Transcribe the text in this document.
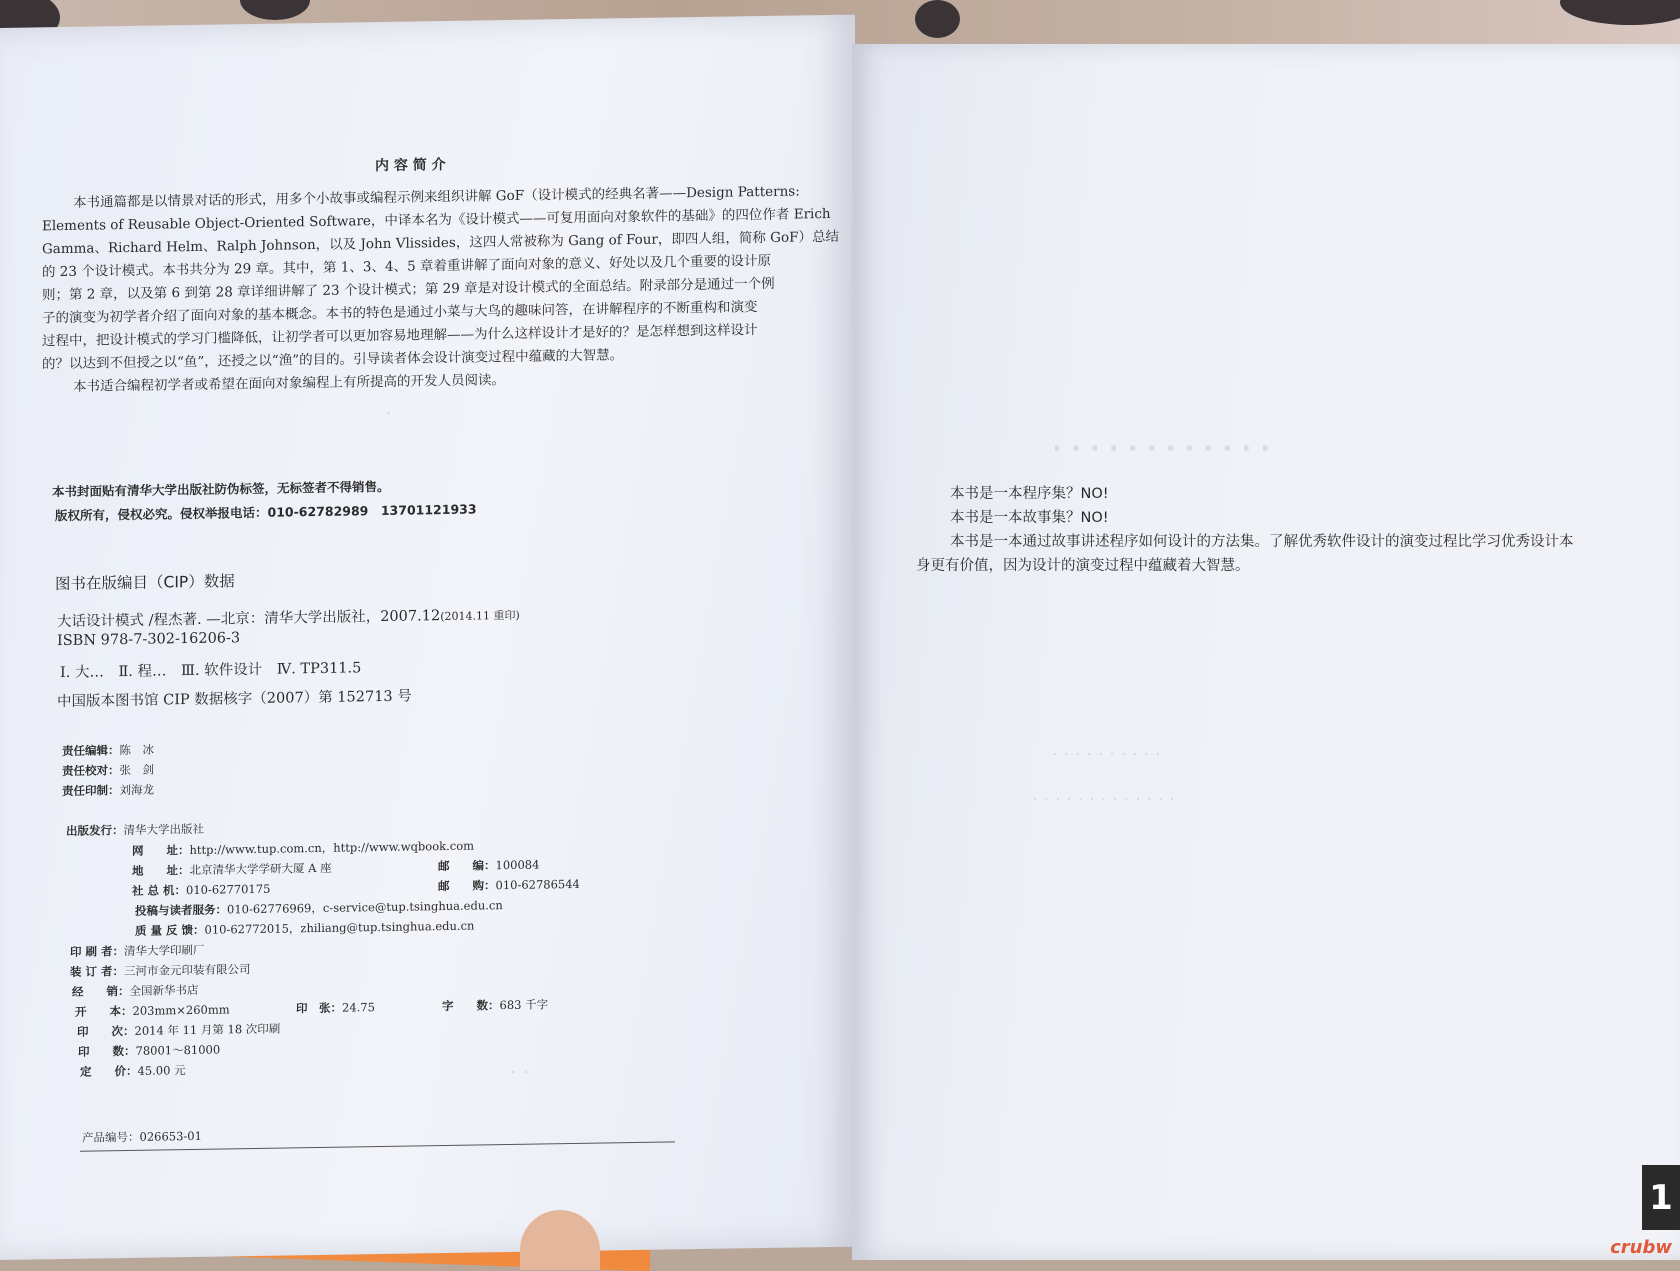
内 容 简 介
本书通篇都是以情景对话的形式，用多个小故事或编程示例来组织讲解 GoF（设计模式的经典名著——Design Patterns:
Elements of Reusable Object-Oriented Software，中译本名为《设计模式——可复用面向对象软件的基础》的四位作者 Erich
Gamma、Richard Helm、Ralph Johnson，以及 John Vlissides，这四人常被称为 Gang of Four，即四人组，简称 GoF）总结
的 23 个设计模式。本书共分为 29 章。其中，第 1、3、4、5 章着重讲解了面向对象的意义、好处以及几个重要的设计原
则；第 2 章，以及第 6 到第 28 章详细讲解了 23 个设计模式；第 29 章是对设计模式的全面总结。附录部分是通过一个例
子的演变为初学者介绍了面向对象的基本概念。本书的特色是通过小菜与大鸟的趣味问答，在讲解程序的不断重构和演变
过程中，把设计模式的学习门槛降低，让初学者可以更加容易地理解——为什么这样设计才是好的？是怎样想到这样设计
的？以达到不但授之以“鱼”，还授之以“渔”的目的。引导读者体会设计演变过程中蕴藏的大智慧。
本书适合编程初学者或希望在面向对象编程上有所提高的开发人员阅读。
·
本书封面贴有清华大学出版社防伪标签，无标签者不得销售。
版权所有，侵权必究。侵权举报电话：010-62782989　13701121933
图书在版编目（CIP）数据
大话设计模式 /程杰著. —北京：清华大学出版社，2007.12(2014.11 重印)
ISBN 978-7-302-16206-3
Ⅰ. 大…　Ⅱ. 程…　Ⅲ. 软件设计　Ⅳ. TP311.5
中国版本图书馆 CIP 数据核字（2007）第 152713 号
责任编辑：陈　冰
责任校对：张　剑
责任印制：刘海龙
出版发行：清华大学出版社
网　　址：http://www.tup.com.cn，http://www.wqbook.com
地　　址：北京清华大学学研大厦 A 座	邮　　编：100084
社 总 机：010-62770175	邮　　购：010-62786544
投稿与读者服务：010-62776969，c-service@tup.tsinghua.edu.cn
质 量 反 馈：010-62772015，zhiliang@tup.tsinghua.edu.cn
印 刷 者：清华大学印刷厂
装 订 者：三河市金元印装有限公司
经　　销：全国新华书店
开　　本：203mm×260mm	印　张：24.75	字　　数：683 千字
印　　次：2014 年 11 月第 18 次印刷
印　　数：78001～81000
定　　价：45.00 元	· ·
产品编号：026653-01
· · · · · · · · · · · ·
· · · · · · · · · ·
· · · · · · · · · · · · ·
本书是一本程序集？NO!
本书是一本故事集？NO!
本书是一本通过故事讲述程序如何设计的方法集。了解优秀软件设计的演变过程比学习优秀设计本
身更有价值，因为设计的演变过程中蕴藏着大智慧。
1
crubw
